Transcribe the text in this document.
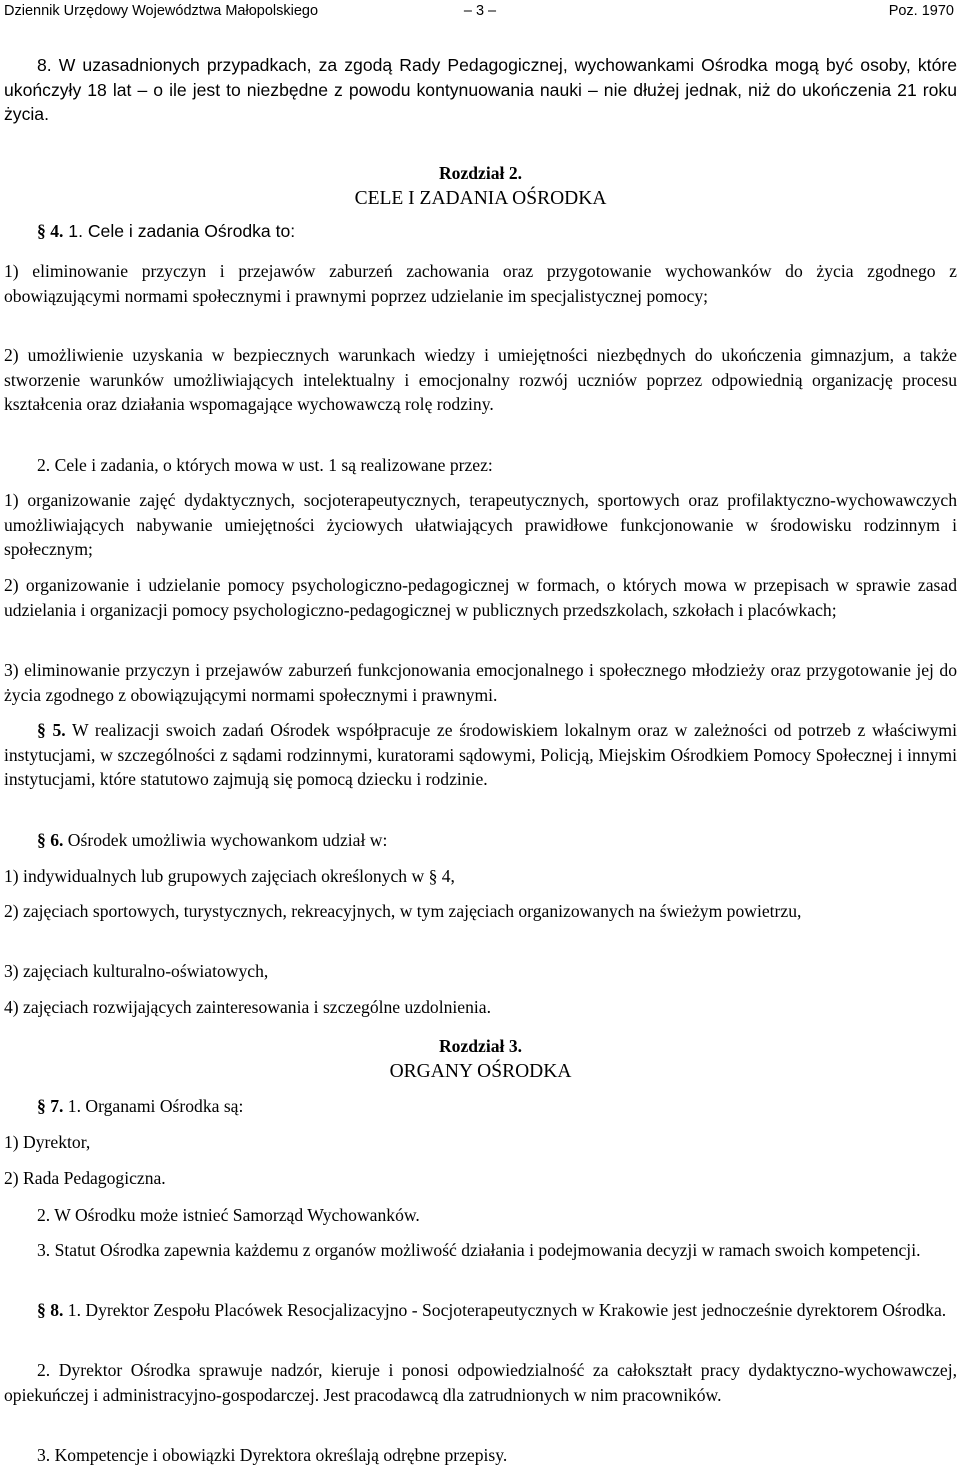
Dziennik Urzędowy Województwa Małopolskiego	– 3 –	Poz. 1970

8. W uzasadnionych przypadkach, za zgodą Rady Pedagogicznej, wychowankami Ośrodka mogą być osoby, które ukończyły 18 lat – o ile jest to niezbędne z powodu kontynuowania nauki – nie dłużej jednak, niż do ukończenia 21 roku życia.

Rozdział 2.
CELE I ZADANIA OŚRODKA

§ 4. 1. Cele i zadania Ośrodka to:

1) eliminowanie przyczyn i przejawów zaburzeń zachowania oraz przygotowanie wychowanków do życia zgodnego z obowiązującymi normami społecznymi i prawnymi poprzez udzielanie im specjalistycznej pomocy;

2) umożliwienie uzyskania w bezpiecznych warunkach wiedzy i umiejętności niezbędnych do ukończenia gimnazjum, a także stworzenie warunków umożliwiających intelektualny i emocjonalny rozwój uczniów poprzez odpowiednią organizację procesu kształcenia oraz działania wspomagające wychowawczą rolę rodziny.

2. Cele i zadania, o których mowa w ust. 1 są realizowane przez:

1) organizowanie zajęć dydaktycznych, socjoterapeutycznych, terapeutycznych, sportowych oraz profilaktyczno-wychowawczych umożliwiających nabywanie umiejętności życiowych ułatwiających prawidłowe funkcjonowanie w środowisku rodzinnym i społecznym;

2) organizowanie i udzielanie pomocy psychologiczno-pedagogicznej w formach, o których mowa w przepisach w sprawie zasad udzielania i organizacji pomocy psychologiczno-pedagogicznej w publicznych przedszkolach, szkołach i placówkach;

3) eliminowanie przyczyn i przejawów zaburzeń funkcjonowania emocjonalnego i społecznego młodzieży oraz przygotowanie jej do życia zgodnego z obowiązującymi normami społecznymi i prawnymi.

§ 5. W realizacji swoich zadań Ośrodek współpracuje ze środowiskiem lokalnym oraz w zależności od potrzeb z właściwymi instytucjami, w szczególności z sądami rodzinnymi, kuratorami sądowymi, Policją, Miejskim Ośrodkiem Pomocy Społecznej i innymi instytucjami, które statutowo zajmują się pomocą dziecku i rodzinie.

§ 6. Ośrodek umożliwia wychowankom udział w:

1) indywidualnych lub grupowych zajęciach określonych w § 4,

2) zajęciach sportowych, turystycznych, rekreacyjnych, w tym zajęciach organizowanych na świeżym powietrzu,

3) zajęciach kulturalno-oświatowych,

4) zajęciach rozwijających zainteresowania i szczególne uzdolnienia.

Rozdział 3.
ORGANY OŚRODKA

§ 7. 1. Organami Ośrodka są:

1) Dyrektor,

2) Rada Pedagogiczna.

2. W Ośrodku może istnieć Samorząd Wychowanków.

3. Statut Ośrodka zapewnia każdemu z organów możliwość działania i podejmowania decyzji w ramach swoich kompetencji.

§ 8. 1. Dyrektor Zespołu Placówek Resocjalizacyjno - Socjoterapeutycznych w Krakowie jest jednocześnie dyrektorem Ośrodka.

2. Dyrektor Ośrodka sprawuje nadzór, kieruje i ponosi odpowiedzialność za całokształt pracy dydaktyczno-wychowawczej, opiekuńczej i administracyjno-gospodarczej. Jest pracodawcą dla zatrudnionych w nim pracowników.

3. Kompetencje i obowiązki Dyrektora określają odrębne przepisy.
